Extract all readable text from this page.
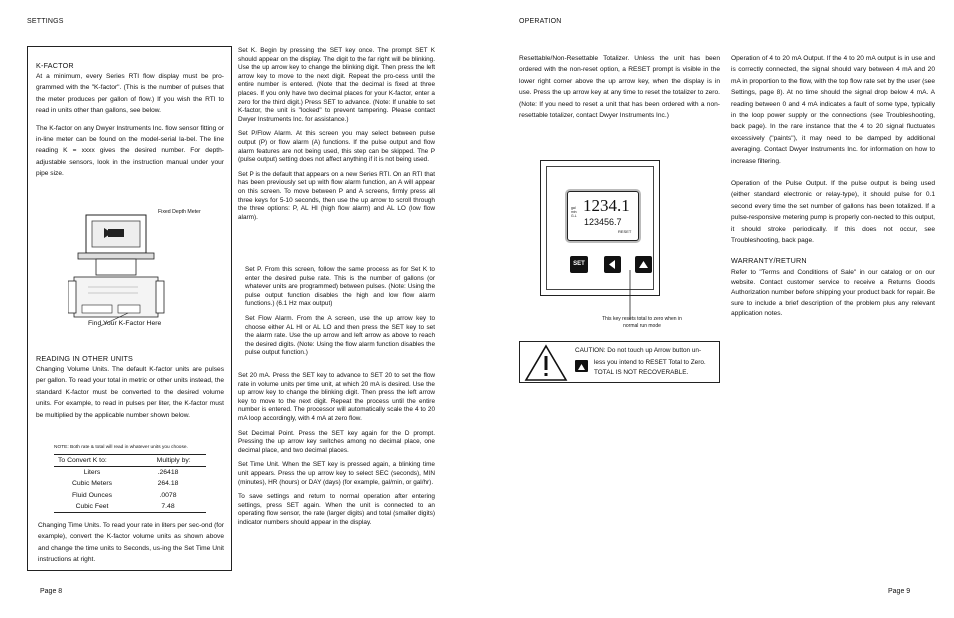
SETTINGS
K-FACTOR

At a minimum, every Series RTI flow display must be pro-grammed with the "K-factor". (This is the number of pulses that the meter produces per gallon of flow.) If you wish the RTI to read in units other than gallons, see below.

The K-factor on any Dwyer Instruments Inc. flow sensor fitting or in-line meter can be found on the model-serial la-bel. The line reading K = xxxx gives the desired number. For depth-adjustable sensors, look in the instruction manual under your pipe size.

Fixed Depth Meter
Find Your K-Factor Here
READING IN OTHER UNITS
Changing Volume Units. The default K-factor units are pulses per gallon. To read your total in metric or other units instead, the standard K-factor must be converted to the desired volume units. For example, to read in pulses per liter, the K-factor must be multiplied by the applicable number shown below.
NOTE: Both rate & total will read in whatever units you choose.
To Convert K to:	Multiply by:
Liters	.26418
Cubic Meters	264.18
Fluid Ounces	.0078
Cubic Feet	7.48
Changing Time Units. To read your rate in liters per sec-ond (for example), convert the K-factor volume units as shown above and change the time units to Seconds, us-ing the Set Time Unit instructions at right.

Set K. Begin by pressing the SET key once. The prompt SET K should appear on the display. The digit to the far right will be blinking. Use the up arrow key to change the blinking digit. Then press the left arrow key to move to the next digit. Repeat the pro-cess until the entire number is entered. (Note that the decimal is fixed at three places. If you only have two decimal places for your K-factor, enter a zero for the third digit.) Press SET to advance. (Note: If unable to set K-factor, the unit is "locked" to prevent tampering. Please contact Dwyer Instruments Inc. for assistance.)

Set P/Flow Alarm. At this screen you may select between pulse output (P) or flow alarm (A) functions. If the pulse output and flow alarm features are not being used, this step can be skipped. The P (pulse output) setting does not affect anything if it is not being used.

Set P is the default that appears on a new Series RTI. On an RTI that has been previously set up with flow alarm function, an A will appear on this screen. To move between P and A screens, firmly press all three keys for 5-10 seconds, then use the up arrow to scroll through the three options: P, AL HI (high flow alarm) and AL LO (low flow alarm).

Set P. From this screen, follow the same process as for Set K to enter the desired pulse rate. This is the number of gallons (or whatever units are programmed) between pulses. (Note: Using the pulse output function disables the high and low flow alarm functions.) (6.1 Hz max output)

Set Flow Alarm. From the A screen, use the up arrow key to choose either AL HI or AL LO and then press the SET key to set the alarm rate. Use the up arrow and left arrow as above to reach the desired digits. (Note: Using the flow alarm function disables the pulse output function.)

Set 20 mA. Press the SET key to advance to SET 20 to set the flow rate in volume units per time unit, at which 20 mA is desired. Use the up arrow key to change the blinking digit. Then press the left arrow key to move to the next digit. Repeat the process until the entire number is entered. The processor will automatically scale the 4 to 20 mA loop accordingly, with 4 mA at zero flow.

Set Decimal Point. Press the SET key again for the D prompt. Pressing the up arrow key switches among no decimal place, one decimal place, and two decimal places.

Set Time Unit. When the SET key is pressed again, a blinking time unit appears. Press the up arrow key to select SEC (seconds), MIN (minutes), HR (hours) or DAY (days) (for example, gal/min, or gal/hr).

To save settings and return to normal operation after entering settings, press SET again. When the unit is connected to an operating flow sensor, the rate (larger digits) and total (smaller digits) indicator numbers should appear in the display.

Page 8
OPERATION
Resettable/Non-Resettable Totalizer. Unless the unit has been ordered with the non-reset option, a RESET prompt is visible in the lower right corner above the up arrow key, when the display is in use. Press the up arrow key at any time to reset the totalizer to zero. (Note: If you need to reset a unit that has been ordered with a non-resettable totalizer, contact Dwyer Instruments Inc.)
gal
min
G-L
1234.1
123456.7
RESET
SET
This key resets total to zero when in normal run mode
CAUTION: Do not touch up Arrow button un-
less you intend to RESET Total to Zero.
TOTAL IS NOT RECOVERABLE.
Operation of 4 to 20 mA Output. If the 4 to 20 mA output is in use and is correctly connected, the signal should vary between 4 mA and 20 mA in proportion to the flow, with the top flow rate set by the user (see Settings, page 8). At no time should the signal drop below 4 mA. A reading between 0 and 4 mA indicates a fault of some type, typically in the loop power supply or the connections (see Troubleshooting, back page). In the rare instance that the 4 to 20 signal fluctuates excessively ("paints"), it may need to be damped by additional averaging. Contact Dwyer Instruments Inc. for information on how to increase filtering.
Operation of the Pulse Output. If the pulse output is being used (either standard electronic or relay-type), it should pulse for 0.1 second every time the set number of gallons has been totalized. If a pulse-responsive metering pump is properly con-nected to this output, it should stroke periodically. If this does not occur, see Troubleshooting, back page.
WARRANTY/RETURN
Refer to "Terms and Conditions of Sale" in our catalog or on our website. Contact customer service to receive a Returns Goods Authorization number before shipping your product back for repair. Be sure to include a brief description of the problem plus any relevant application notes.
Page 9
